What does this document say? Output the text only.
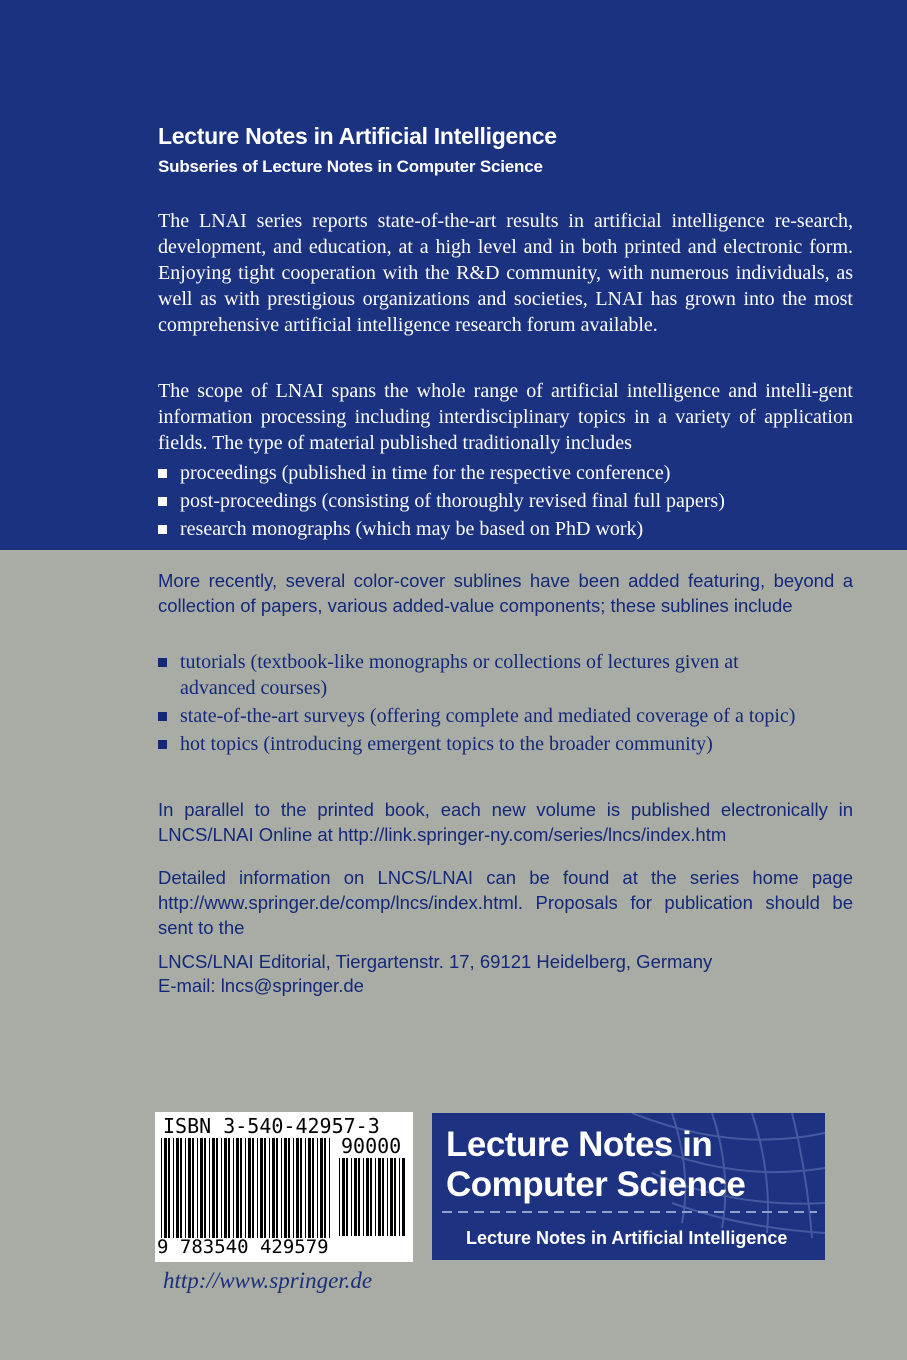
Lecture Notes in Artificial Intelligence
Subseries of Lecture Notes in Computer Science

The LNAI series reports state-of-the-art results in artificial intelligence re-search, development, and education, at a high level and in both printed and electronic form. Enjoying tight cooperation with the R&D community, with numerous individuals, as well as with prestigious organizations and societies, LNAI has grown into the most comprehensive artificial intelligence research forum available.

The scope of LNAI spans the whole range of artificial intelligence and intelli-gent information processing including interdisciplinary topics in a variety of application fields. The type of material published traditionally includes

proceedings (published in time for the respective conference)
post-proceedings (consisting of thoroughly revised final full papers)
research monographs (which may be based on PhD work)

More recently, several color-cover sublines have been added featuring, beyond a collection of papers, various added-value components; these sublines include

tutorials (textbook-like monographs or collections of lectures given at advanced courses)
state-of-the-art surveys (offering complete and mediated coverage of a topic)
hot topics (introducing emergent topics to the broader community)

In parallel to the printed book, each new volume is published electronically in LNCS/LNAI Online at http://link.springer-ny.com/series/lncs/index.htm

Detailed information on LNCS/LNAI can be found at the series home page http://www.springer.de/comp/lncs/index.html. Proposals for publication should be sent to the

LNCS/LNAI Editorial, Tiergartenstr. 17, 69121 Heidelberg, Germany

E-mail: lncs@springer.de

ISBN 3-540-42957-3
90000
9 783540 429579
Lecture Notes in
Computer Science
Lecture Notes in Artificial Intelligence
http://www.springer.de
